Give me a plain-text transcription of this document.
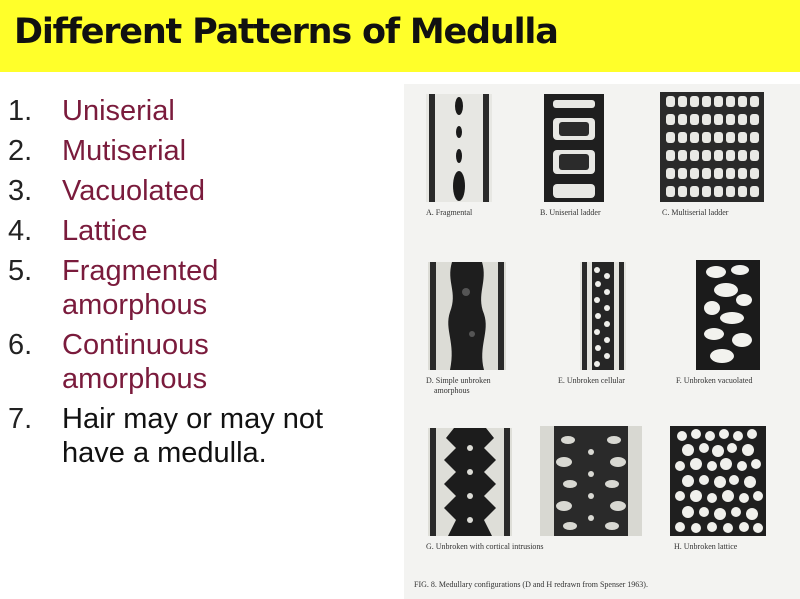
Different Patterns of Medulla
1.	Uniserial
2.	Mutiserial
3.	Vacuolated
4.	Lattice
5.	Fragmented
amorphous
6.	Continuous
amorphous
7.	Hair may or may not
have a medulla.
A. Fragmental	B. Uniserial ladder	C. Multiserial ladder
D. Simple unbroken
amorphous
E. Unbroken cellular	F. Unbroken vacuolated
G. Unbroken with cortical intrusions	H. Unbroken lattice
FIG. 8. Medullary configurations (D and H redrawn from Spenser 1963).
